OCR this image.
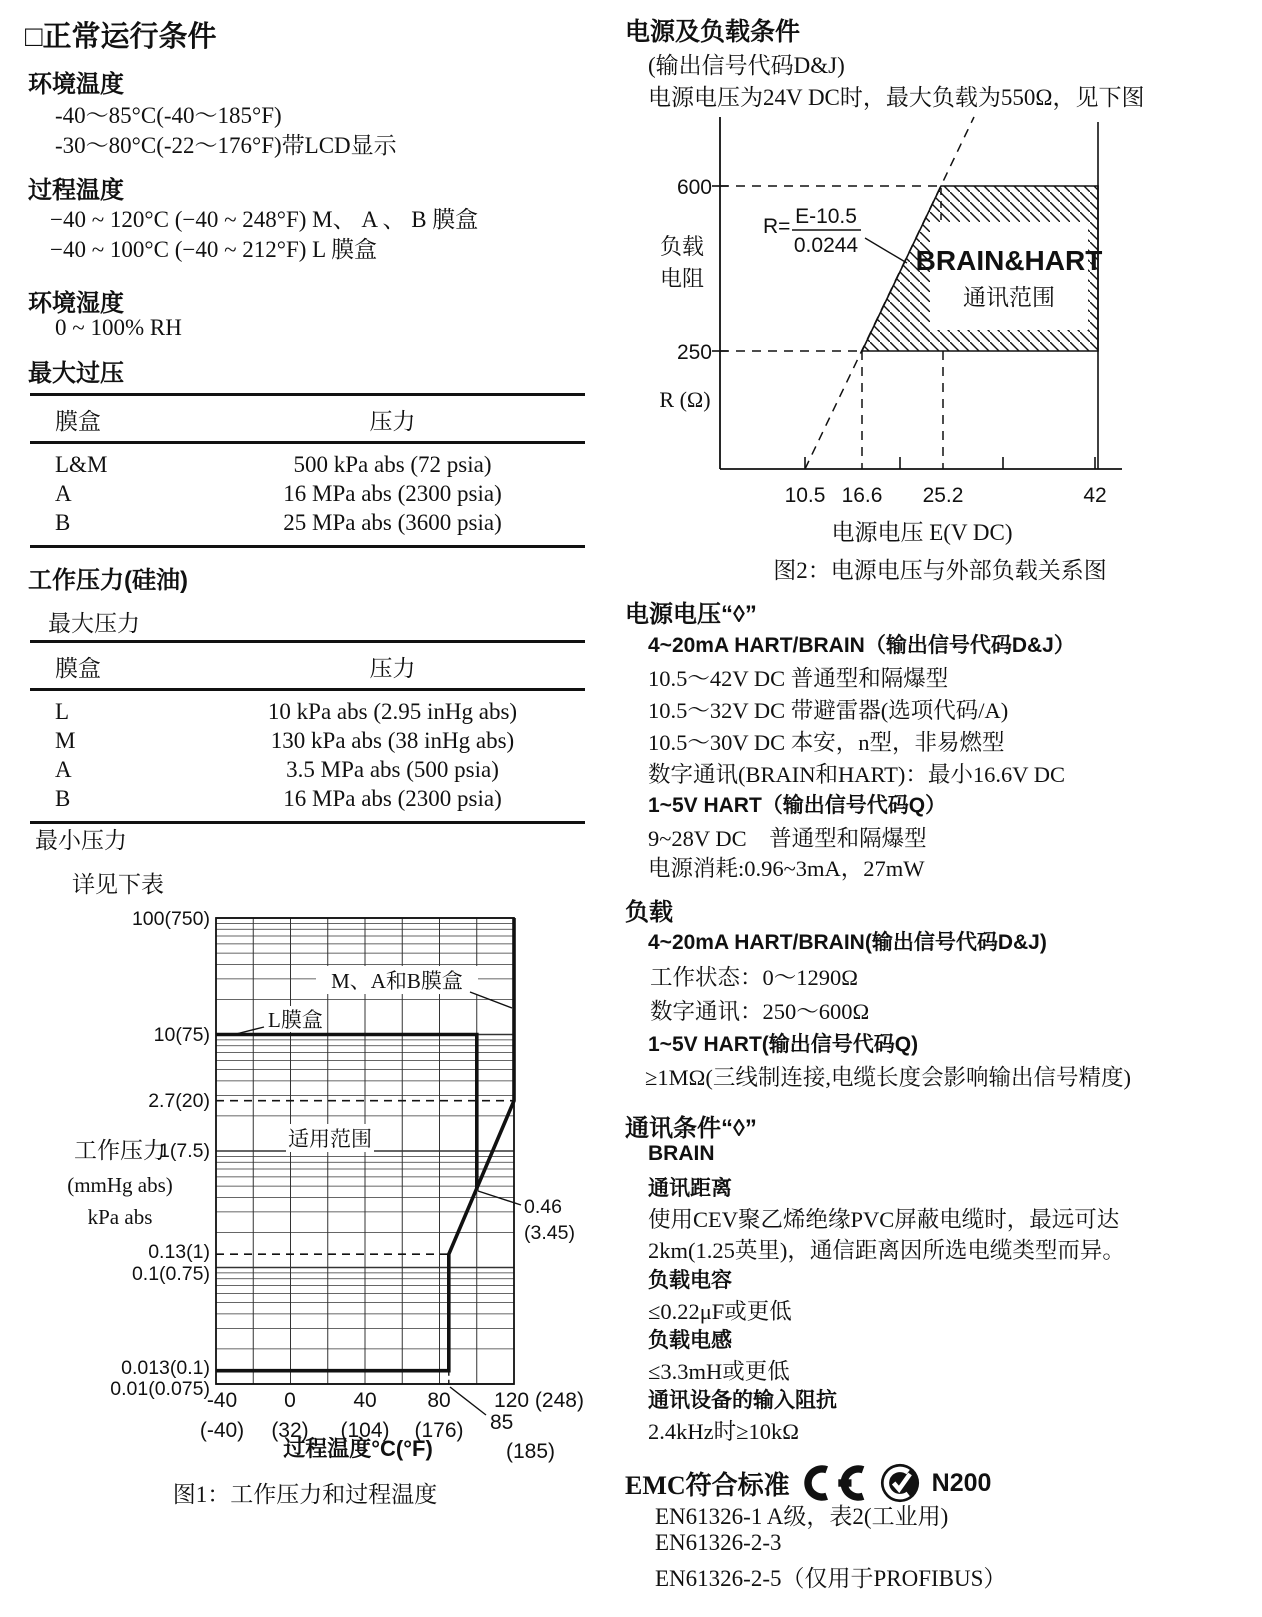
□正常运行条件
环境温度
-40～85°C(-40～185°F)
-30～80°C(-22～176°F)带LCD显示
过程温度
−40 ~ 120°C (−40 ~ 248°F) M、 A 、 B 膜盒
−40 ~ 100°C (−40 ~ 212°F) L 膜盒
环境湿度
0 ~ 100% RH
最大过压
膜盒	压力
L&M	500 kPa abs (72 psia)
A	16 MPa abs (2300 psia)
B	25 MPa abs (3600 psia)
工作压力(硅油)
最大压力
膜盒	压力
L	10 kPa abs (2.95 inHg abs)
M	130 kPa abs (38 inHg abs)
A	3.5 MPa abs (500 psia)
B	16 MPa abs (2300 psia)
最小压力
详见下表
M、A和B膜盒
L膜盒
适用范围
0.46
(3.45)
100(750)
10(75)
2.7(20)
1(7.5)
0.13(1)
0.1(0.75)
0.013(0.1)
0.01(0.075)
工作压力
(mmHg abs)
kPa abs
-40 0	40 80 120 (248)
(-40) (32) (104) (176) 85
(185)
过程温度°C(°F)
图1：工作压力和过程温度
电源及负载条件
(输出信号代码D&J)
电源电压为24V DC时，最大负载为550Ω，见下图
BRAIN&HART
通讯范围
R= E-10.5
0.0244
600
250
负载
电阻
R (Ω)
10.5 16.6 25.2	42
电源电压 E(V DC)
图2：电源电压与外部负载关系图
电源电压“◊”
4~20mA HART/BRAIN（输出信号代码D&J）
10.5～42V DC 普通型和隔爆型
10.5～32V DC 带避雷器(选项代码/A)
10.5～30V DC 本安，n型，非易燃型
数字通讯(BRAIN和HART)：最小16.6V DC
1~5V HART（输出信号代码Q）
9~28V DC　普通型和隔爆型
电源消耗:0.96~3mA，27mW
负载
4~20mA HART/BRAIN(输出信号代码D&J)
工作状态：0～1290Ω
数字通讯：250～600Ω
1~5V HART(输出信号代码Q)
≥1MΩ(三线制连接,电缆长度会影响输出信号精度)
通讯条件“◊”
BRAIN
通讯距离
使用CEV聚乙烯绝缘PVC屏蔽电缆时，最远可达
2km(1.25英里)，通信距离因所选电缆类型而异。
负载电容
≤0.22μF或更低
负载电感
≤3.3mH或更低
通讯设备的输入阻抗
2.4kHz时≥10kΩ
EMC符合标准	N200
EN61326-1 A级，表2(工业用)
EN61326-2-3
EN61326-2-5（仅用于PROFIBUS）
